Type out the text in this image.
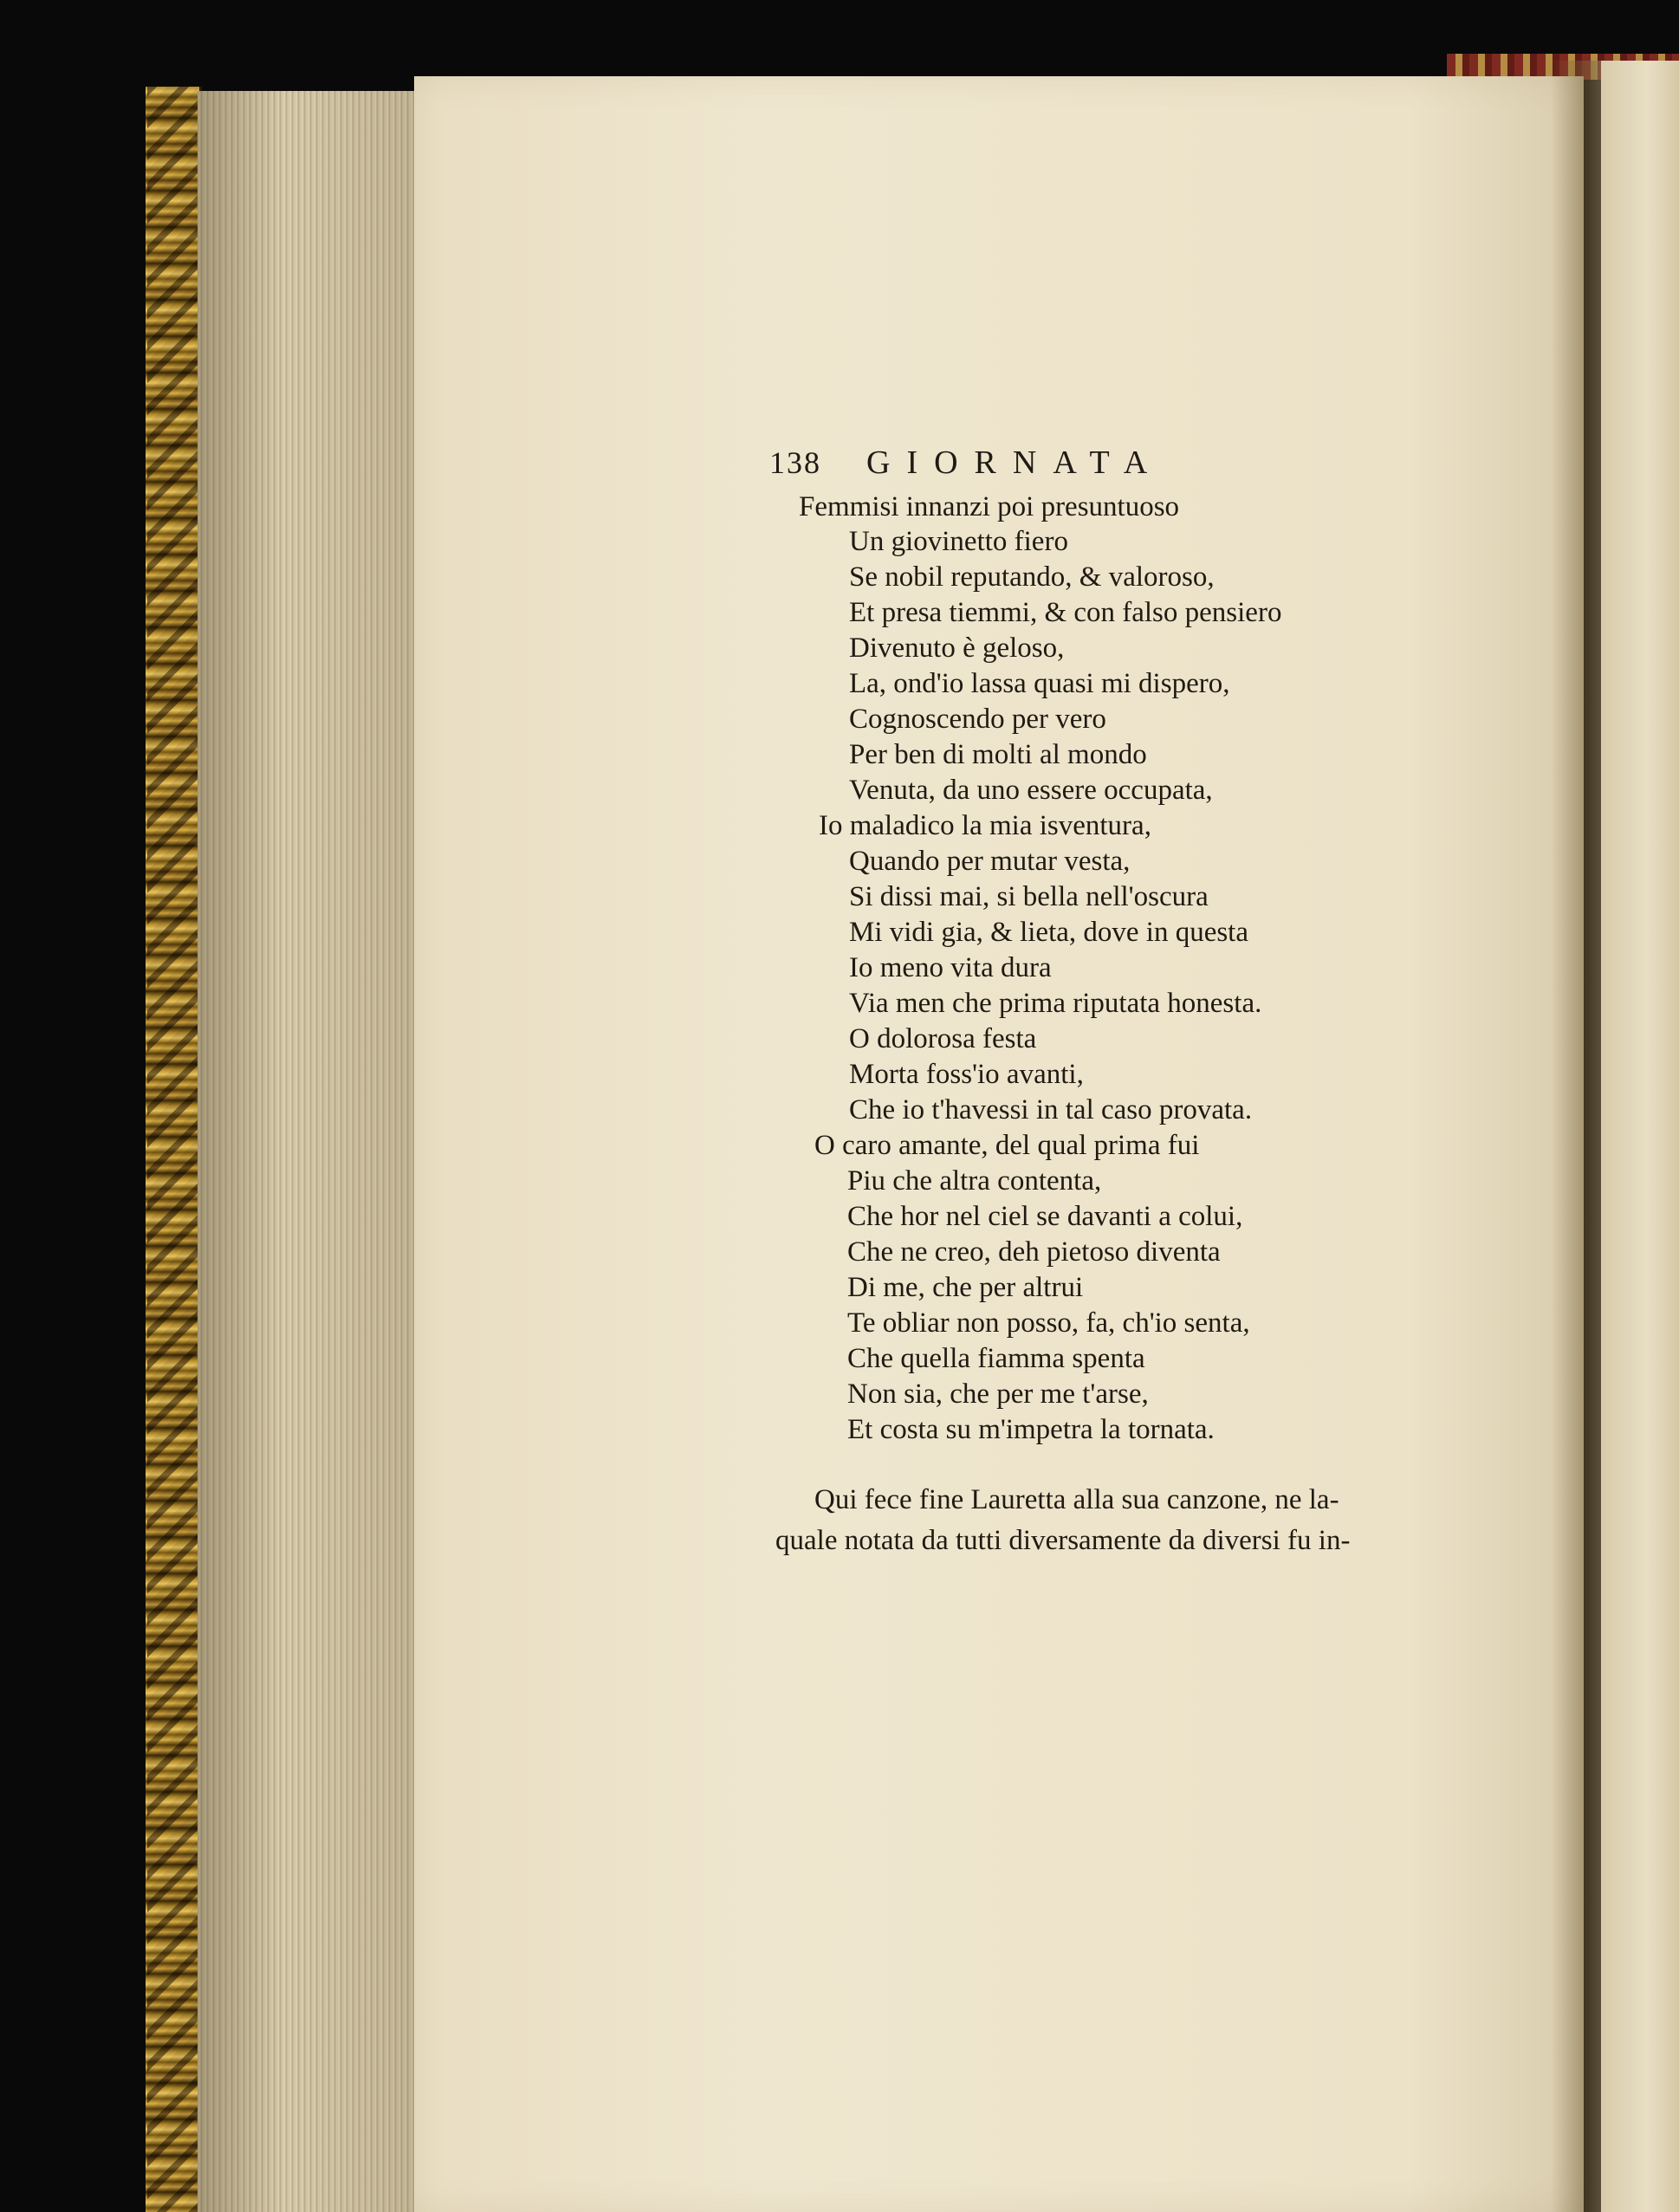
138 GIORNATA
Femmisi innanzi poi presuntuoso
Un giovinetto fiero
Se nobil reputando, & valoroso,
Et presa tiemmi, & con falso pensiero
Divenuto è geloso,
La, ond'io lassa quasi mi dispero,
Cognoscendo per vero
Per ben di molti al mondo
Venuta, da uno essere occupata,
Io maladico la mia isventura,
Quando per mutar vesta,
Si dissi mai, si bella nell'oscura
Mi vidi gia, & lieta, dove in questa
Io meno vita dura
Via men che prima riputata honesta.
O dolorosa festa
Morta foss'io avanti,
Che io t'havessi in tal caso provata.
O caro amante, del qual prima fui
Piu che altra contenta,
Che hor nel ciel se davanti a colui,
Che ne creo, deh pietoso diventa
Di me, che per altrui
Te obliar non posso, fa, ch'io senta,
Che quella fiamma spenta
Non sia, che per me t'arse,
Et costa su m'impetra la tornata.
Qui fece fine Lauretta alla sua canzone, ne la-
quale notata da tutti diversamente da diversi fu in-
